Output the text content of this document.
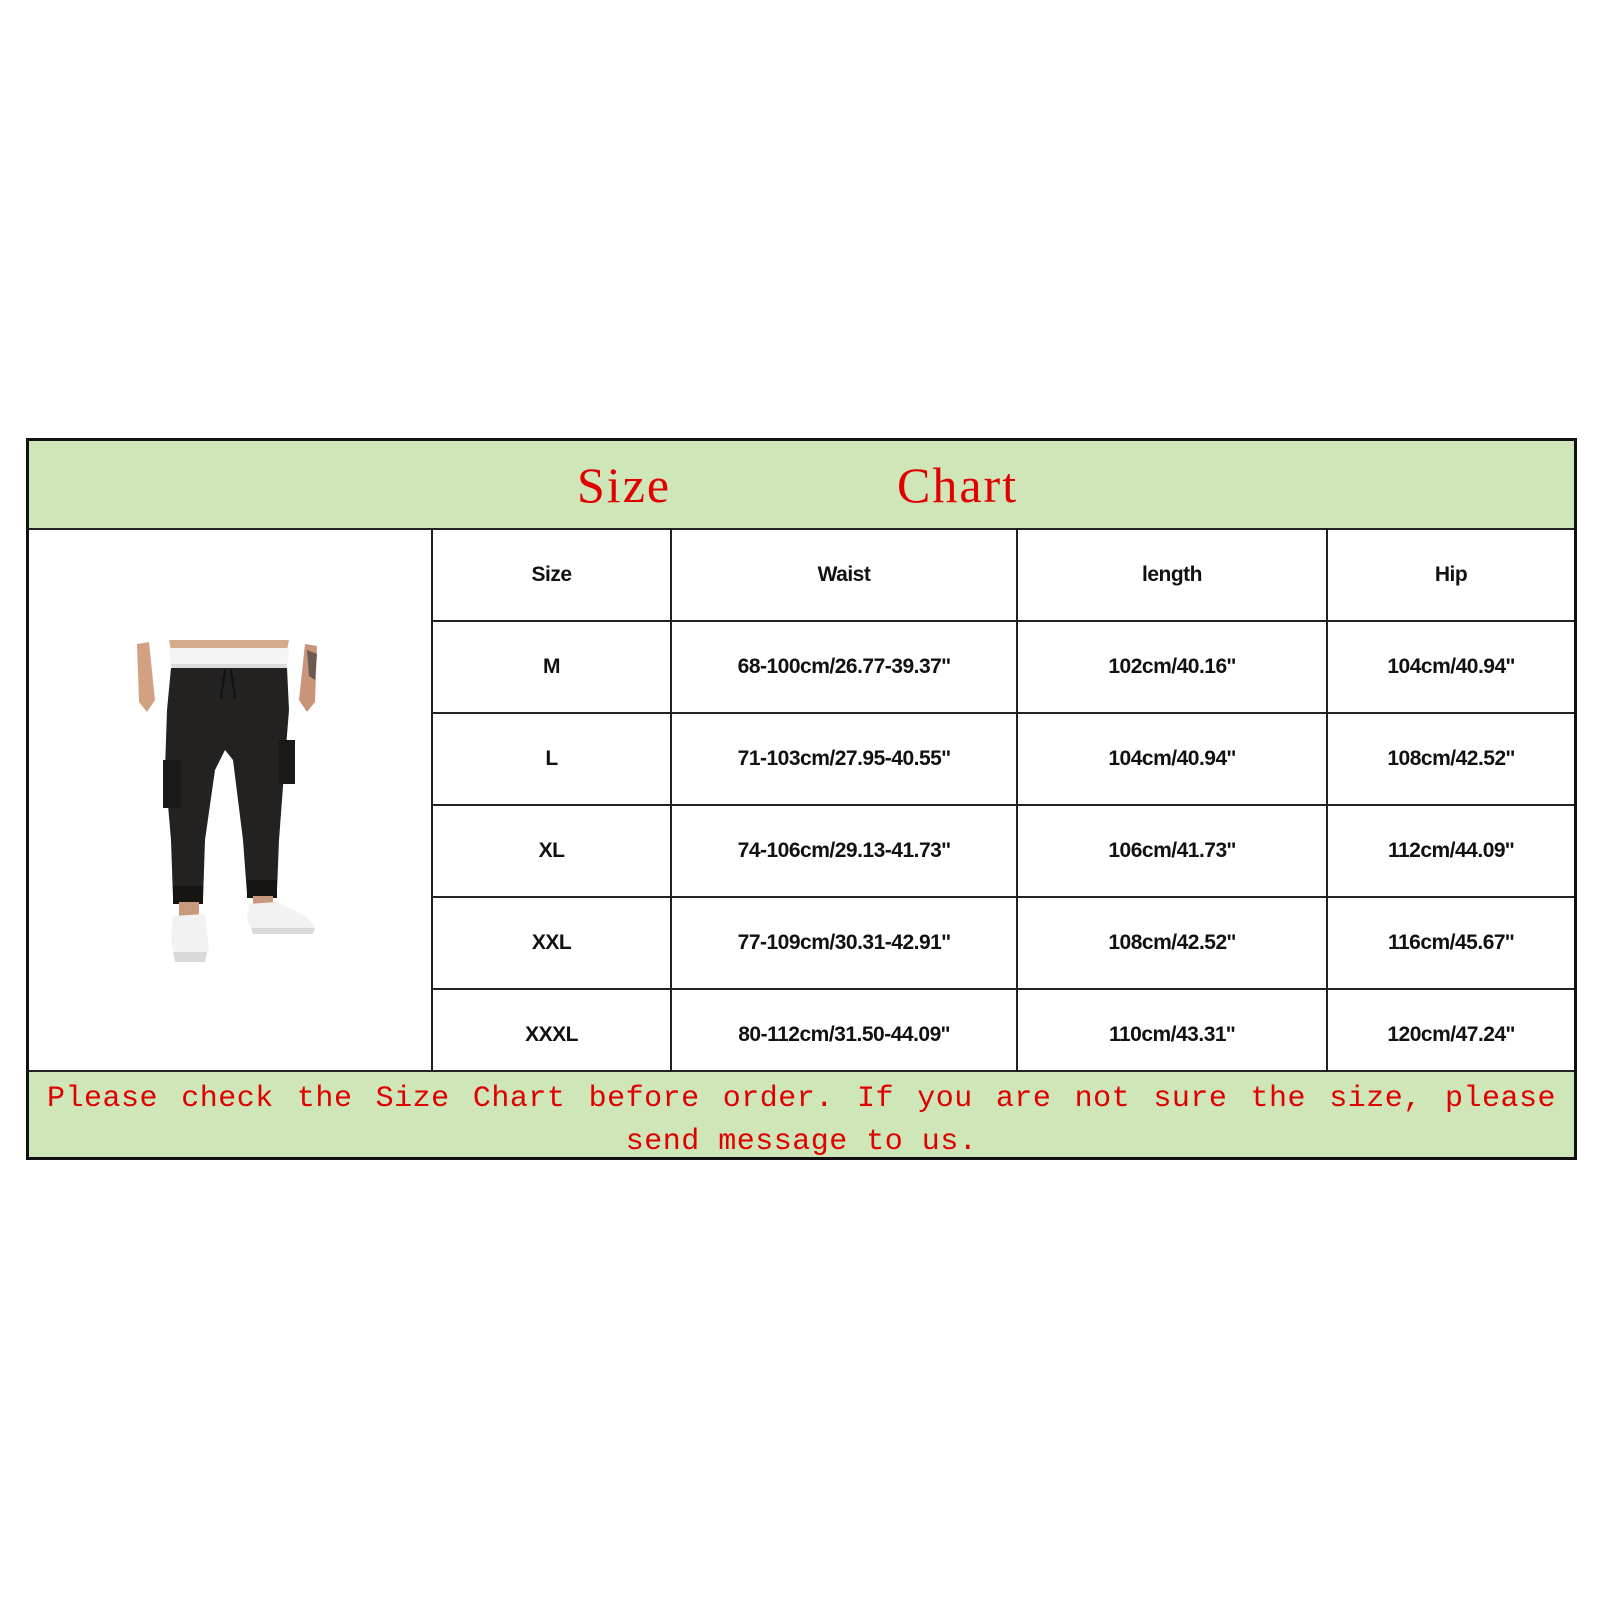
Size	Chart
Size	Waist	length	Hip
M	68-100cm/26.77-39.37''	102cm/40.16''	104cm/40.94''
L	71-103cm/27.95-40.55''	104cm/40.94''	108cm/42.52''
XL	74-106cm/29.13-41.73''	106cm/41.73''	112cm/44.09''
XXL	77-109cm/30.31-42.91''	108cm/42.52''	116cm/45.67''
XXXL	80-112cm/31.50-44.09''	110cm/43.31''	120cm/47.24''
Please check the Size Chart before order. If you are not sure the size, please send message to us.
